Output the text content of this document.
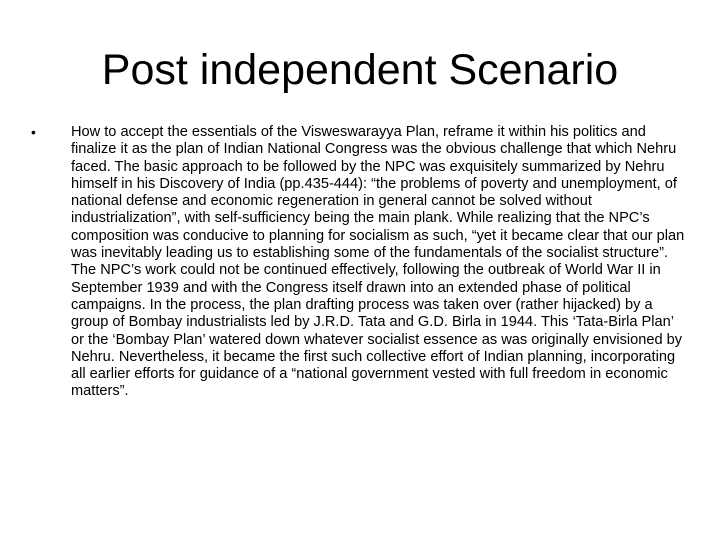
Post independent Scenario
• How to accept the essentials of the Visweswarayya Plan, reframe it within his politics and finalize it as the plan of Indian National Congress was the obvious challenge that which Nehru faced. The basic approach to be followed by the NPC was exquisitely summarized by Nehru himself in his Discovery of India (pp.435-444): “the problems of poverty and unemployment, of national defense and economic regeneration in general cannot be solved without industrialization”, with self-sufficiency being the main plank. While realizing that the NPC’s composition was conducive to planning for socialism as such, “yet it became clear that our plan was inevitably leading us to establishing some of the fundamentals of the socialist structure”. The NPC’s work could not be continued effectively, following the outbreak of World War II in September 1939 and with the Congress itself drawn into an extended phase of political campaigns. In the process, the plan drafting process was taken over (rather hijacked) by a group of Bombay industrialists led by J.R.D. Tata and G.D. Birla in 1944. This ‘Tata-Birla Plan’ or the ‘Bombay Plan’ watered down whatever socialist essence as was originally envisioned by Nehru. Nevertheless, it became the first such collective effort of Indian planning, incorporating all earlier efforts for guidance of a “national government vested with full freedom in economic matters”.
